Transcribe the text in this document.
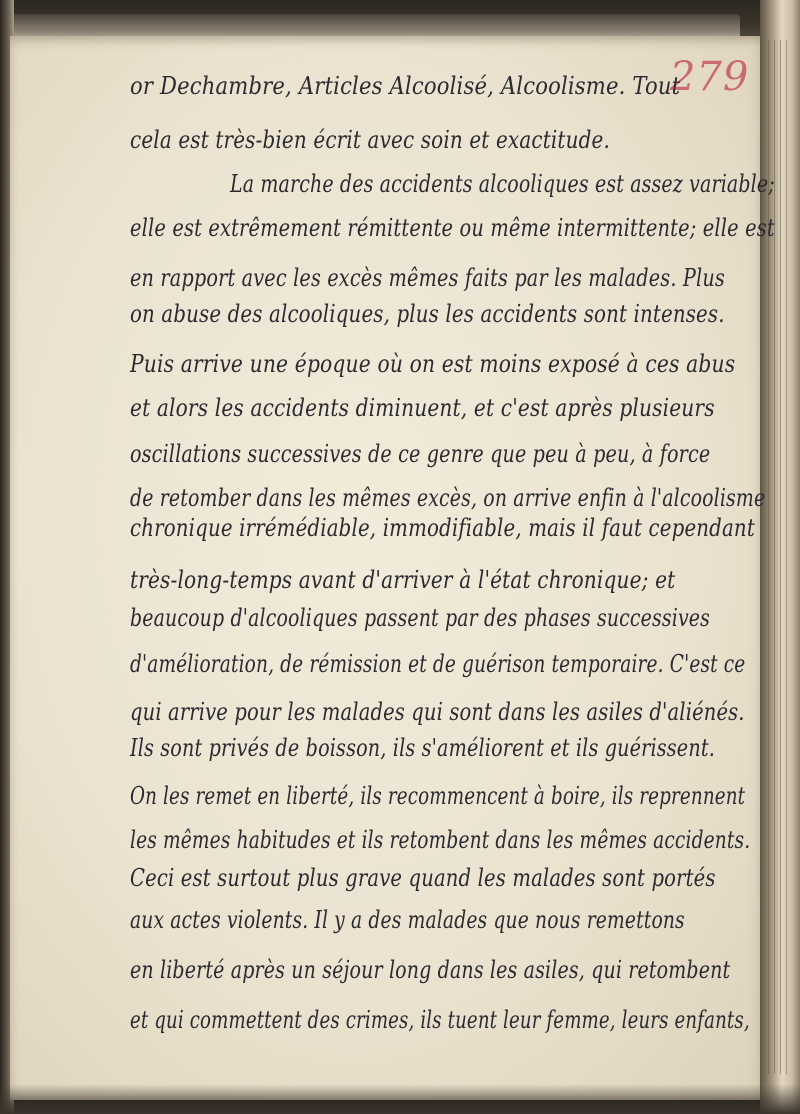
279
or Dechambre, Articles Alcoolisé, Alcoolisme. Tout
cela est très-bien écrit avec soin et exactitude.
La marche des accidents alcooliques est assez variable;
elle est extrêmement rémittente ou même intermittente; elle est
en rapport avec les excès mêmes faits par les malades. Plus
on abuse des alcooliques, plus les accidents sont intenses.
Puis arrive une époque où on est moins exposé à ces abus
et alors les accidents diminuent, et c'est après plusieurs
oscillations successives de ce genre que peu à peu, à force
de retomber dans les mêmes excès, on arrive enfin à l'alcoolisme
chronique irrémédiable, immodifiable, mais il faut cependant
très-long-temps avant d'arriver à l'état chronique; et
beaucoup d'alcooliques passent par des phases successives
d'amélioration, de rémission et de guérison temporaire. C'est ce
qui arrive pour les malades qui sont dans les asiles d'aliénés.
Ils sont privés de boisson, ils s'améliorent et ils guérissent.
On les remet en liberté, ils recommencent à boire, ils reprennent
les mêmes habitudes et ils retombent dans les mêmes accidents.
Ceci est surtout plus grave quand les malades sont portés
aux actes violents. Il y a des malades que nous remettons
en liberté après un séjour long dans les asiles, qui retombent
et qui commettent des crimes, ils tuent leur femme, leurs enfants,
